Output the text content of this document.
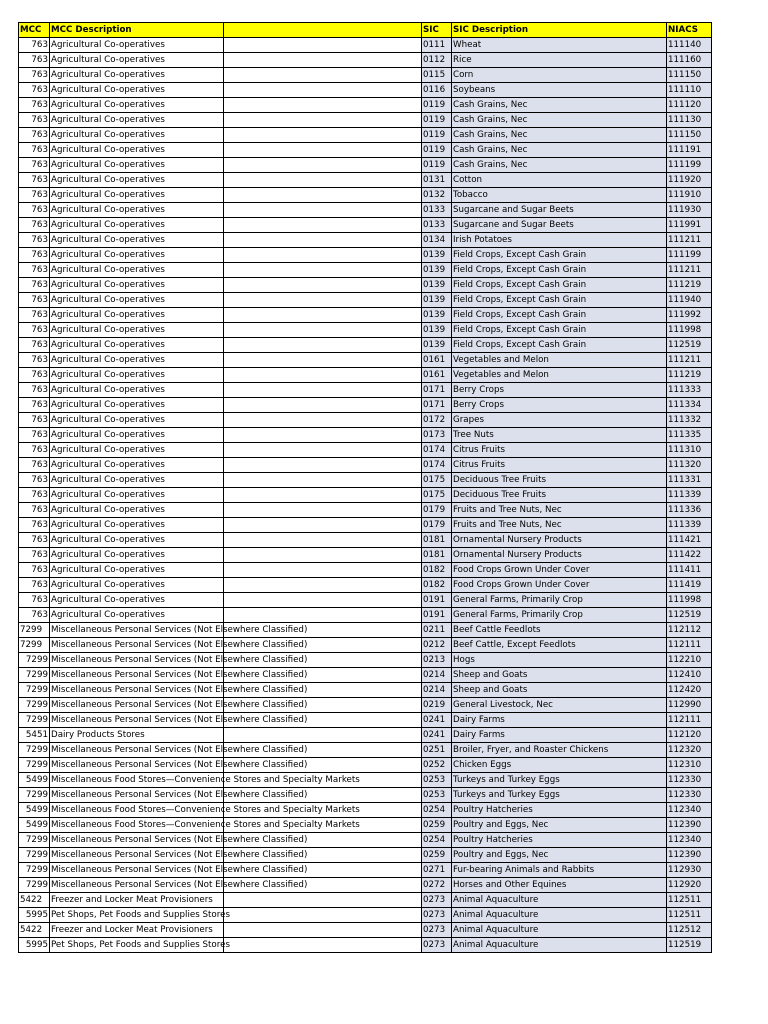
MCC	MCC Description		SIC	SIC Description	NIACS
763	Agricultural Co-operatives		0111	Wheat	111140
763	Agricultural Co-operatives		0112	Rice	111160
763	Agricultural Co-operatives		0115	Corn	111150
763	Agricultural Co-operatives		0116	Soybeans	111110
763	Agricultural Co-operatives		0119	Cash Grains, Nec	111120
763	Agricultural Co-operatives		0119	Cash Grains, Nec	111130
763	Agricultural Co-operatives		0119	Cash Grains, Nec	111150
763	Agricultural Co-operatives		0119	Cash Grains, Nec	111191
763	Agricultural Co-operatives		0119	Cash Grains, Nec	111199
763	Agricultural Co-operatives		0131	Cotton	111920
763	Agricultural Co-operatives		0132	Tobacco	111910
763	Agricultural Co-operatives		0133	Sugarcane and Sugar Beets	111930
763	Agricultural Co-operatives		0133	Sugarcane and Sugar Beets	111991
763	Agricultural Co-operatives		0134	Irish Potatoes	111211
763	Agricultural Co-operatives		0139	Field Crops, Except Cash Grain	111199
763	Agricultural Co-operatives		0139	Field Crops, Except Cash Grain	111211
763	Agricultural Co-operatives		0139	Field Crops, Except Cash Grain	111219
763	Agricultural Co-operatives		0139	Field Crops, Except Cash Grain	111940
763	Agricultural Co-operatives		0139	Field Crops, Except Cash Grain	111992
763	Agricultural Co-operatives		0139	Field Crops, Except Cash Grain	111998
763	Agricultural Co-operatives		0139	Field Crops, Except Cash Grain	112519
763	Agricultural Co-operatives		0161	Vegetables and Melon	111211
763	Agricultural Co-operatives		0161	Vegetables and Melon	111219
763	Agricultural Co-operatives		0171	Berry Crops	111333
763	Agricultural Co-operatives		0171	Berry Crops	111334
763	Agricultural Co-operatives		0172	Grapes	111332
763	Agricultural Co-operatives		0173	Tree Nuts	111335
763	Agricultural Co-operatives		0174	Citrus Fruits	111310
763	Agricultural Co-operatives		0174	Citrus Fruits	111320
763	Agricultural Co-operatives		0175	Deciduous Tree Fruits	111331
763	Agricultural Co-operatives		0175	Deciduous Tree Fruits	111339
763	Agricultural Co-operatives		0179	Fruits and Tree Nuts, Nec	111336
763	Agricultural Co-operatives		0179	Fruits and Tree Nuts, Nec	111339
763	Agricultural Co-operatives		0181	Ornamental Nursery Products	111421
763	Agricultural Co-operatives		0181	Ornamental Nursery Products	111422
763	Agricultural Co-operatives		0182	Food Crops Grown Under Cover	111411
763	Agricultural Co-operatives		0182	Food Crops Grown Under Cover	111419
763	Agricultural Co-operatives		0191	General Farms, Primarily Crop	111998
763	Agricultural Co-operatives		0191	General Farms, Primarily Crop	112519
7299	Miscellaneous Personal Services (Not Elsewhere Classified)		0211	Beef Cattle Feedlots	112112
7299	Miscellaneous Personal Services (Not Elsewhere Classified)		0212	Beef Cattle, Except Feedlots	112111
7299	Miscellaneous Personal Services (Not Elsewhere Classified)		0213	Hogs	112210
7299	Miscellaneous Personal Services (Not Elsewhere Classified)		0214	Sheep and Goats	112410
7299	Miscellaneous Personal Services (Not Elsewhere Classified)		0214	Sheep and Goats	112420
7299	Miscellaneous Personal Services (Not Elsewhere Classified)		0219	General Livestock, Nec	112990
7299	Miscellaneous Personal Services (Not Elsewhere Classified)		0241	Dairy Farms	112111
5451	Dairy Products Stores		0241	Dairy Farms	112120
7299	Miscellaneous Personal Services (Not Elsewhere Classified)		0251	Broiler, Fryer, and Roaster Chickens	112320
7299	Miscellaneous Personal Services (Not Elsewhere Classified)		0252	Chicken Eggs	112310
5499	Miscellaneous Food Stores—Convenience Stores and Specialty Markets		0253	Turkeys and Turkey Eggs	112330
7299	Miscellaneous Personal Services (Not Elsewhere Classified)		0253	Turkeys and Turkey Eggs	112330
5499	Miscellaneous Food Stores—Convenience Stores and Specialty Markets		0254	Poultry Hatcheries	112340
5499	Miscellaneous Food Stores—Convenience Stores and Specialty Markets		0259	Poultry and Eggs, Nec	112390
7299	Miscellaneous Personal Services (Not Elsewhere Classified)		0254	Poultry Hatcheries	112340
7299	Miscellaneous Personal Services (Not Elsewhere Classified)		0259	Poultry and Eggs, Nec	112390
7299	Miscellaneous Personal Services (Not Elsewhere Classified)		0271	Fur-bearing Animals and Rabbits	112930
7299	Miscellaneous Personal Services (Not Elsewhere Classified)		0272	Horses and Other Equines	112920
5422	Freezer and Locker Meat Provisioners		0273	Animal Aquaculture	112511
5995	Pet Shops, Pet Foods and Supplies Stores		0273	Animal Aquaculture	112511
5422	Freezer and Locker Meat Provisioners		0273	Animal Aquaculture	112512
5995	Pet Shops, Pet Foods and Supplies Stores		0273	Animal Aquaculture	112519
